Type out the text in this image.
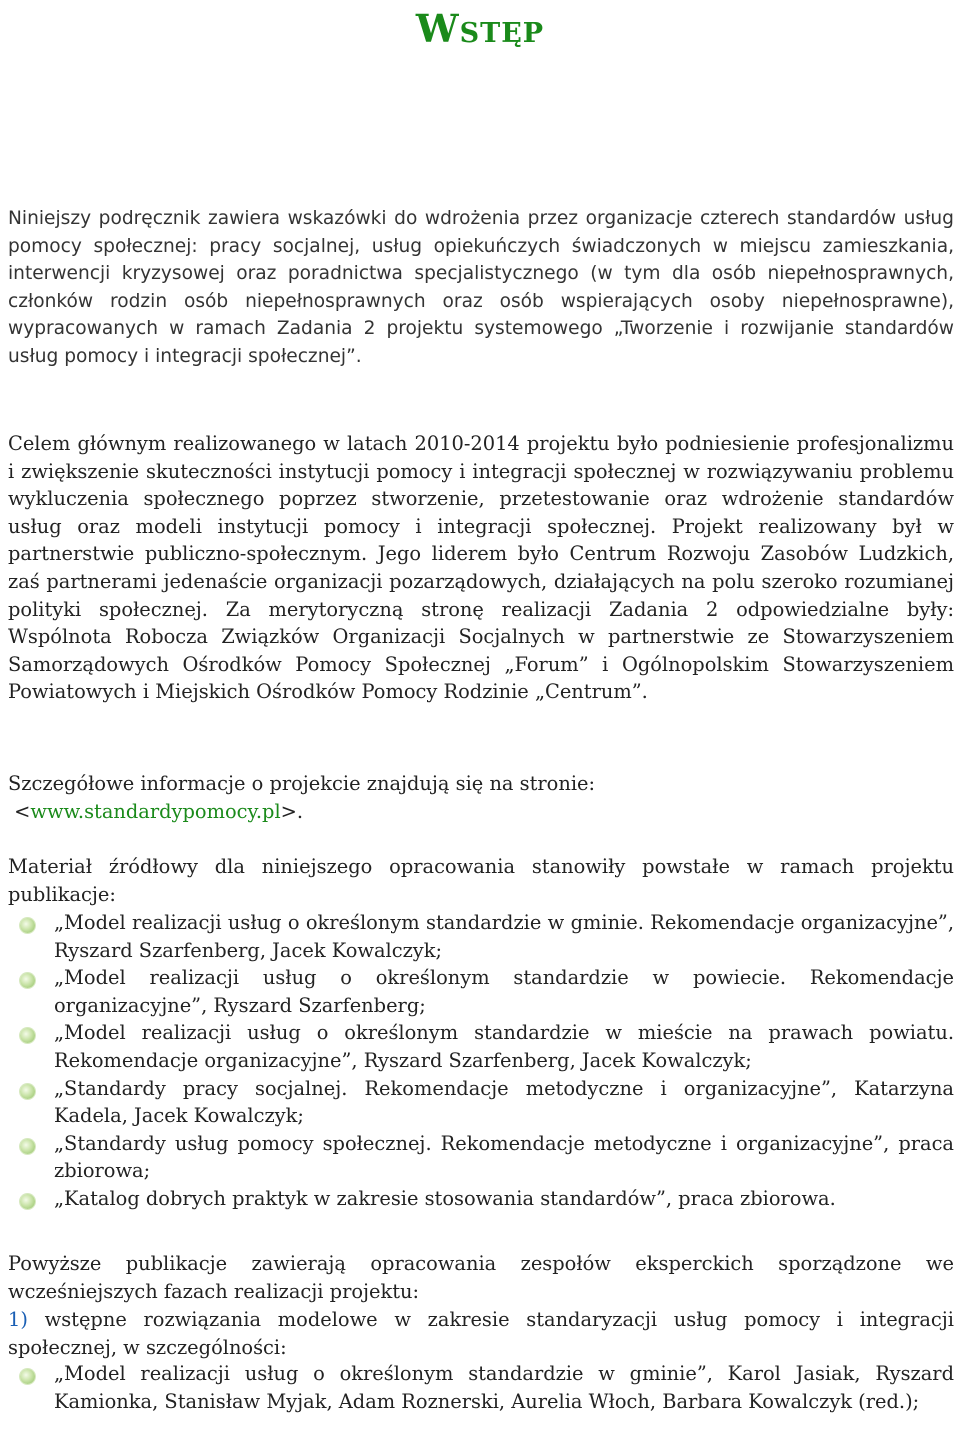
Wstęp

Niniejszy podręcznik zawiera wskazówki do wdrożenia przez organizacje czterech standardów usług pomocy społecznej: pracy socjalnej, usług opiekuńczych świadczonych w miejscu zamieszkania, interwencji kryzysowej oraz poradnictwa specjalistycznego (w tym dla osób niepełnosprawnych, członków rodzin osób niepełnosprawnych oraz osób wspierających osoby niepełnosprawne), wypracowanych w ramach Zadania 2 projektu systemowego „Tworzenie i rozwijanie standardów usług pomocy i integracji społecznej”.

Celem głównym realizowanego w latach 2010-2014 projektu było podniesienie profesjonalizmu i zwiększenie skuteczności instytucji pomocy i integracji społecznej w rozwiązywaniu problemu wykluczenia społecznego poprzez stworzenie, przetestowanie oraz wdrożenie standardów usług oraz modeli instytucji pomocy i integracji społecznej. Projekt realizowany był w partnerstwie publiczno-społecznym. Jego liderem było Centrum Rozwoju Zasobów Ludzkich, zaś partnerami jedenaście organizacji pozarządowych, działających na polu szeroko rozumianej polityki społecznej. Za merytoryczną stronę realizacji Zadania 2 odpowiedzialne były: Wspólnota Robocza Związków Organizacji Socjalnych w partnerstwie ze Stowarzyszeniem Samorządowych Ośrodków Pomocy Społecznej „Forum” i Ogólnopolskim Stowarzyszeniem Powiatowych i Miejskich Ośrodków Pomocy Rodzinie „Centrum”.

Szczegółowe informacje o projekcie znajdują się na stronie:
<www.standardypomocy.pl>.

Materiał źródłowy dla niniejszego opracowania stanowiły powstałe w ramach projektu publikacje:

„Model realizacji usług o określonym standardzie w gminie. Rekomendacje organizacyjne”, Ryszard Szarfenberg, Jacek Kowalczyk;
„Model realizacji usług o określonym standardzie w powiecie. Rekomendacje organizacyjne”, Ryszard Szarfenberg;
„Model realizacji usług o określonym standardzie w mieście na prawach powiatu. Rekomendacje organizacyjne”, Ryszard Szarfenberg, Jacek Kowalczyk;
„Standardy pracy socjalnej. Rekomendacje metodyczne i organizacyjne”, Katarzyna Kadela, Jacek Kowalczyk;
„Standardy usług pomocy społecznej. Rekomendacje metodyczne i organizacyjne”, praca zbiorowa;
„Katalog dobrych praktyk w zakresie stosowania standardów”, praca zbiorowa.

Powyższe publikacje zawierają opracowania zespołów eksperckich sporządzone we wcześniejszych fazach realizacji projektu:

1) wstępne rozwiązania modelowe w zakresie standaryzacji usług pomocy i integracji społecznej, w szczególności:

„Model realizacji usług o określonym standardzie w gminie”, Karol Jasiak, Ryszard Kamionka, Stanisław Myjak, Adam Roznerski, Aurelia Włoch, Barbara Kowalczyk (red.);
